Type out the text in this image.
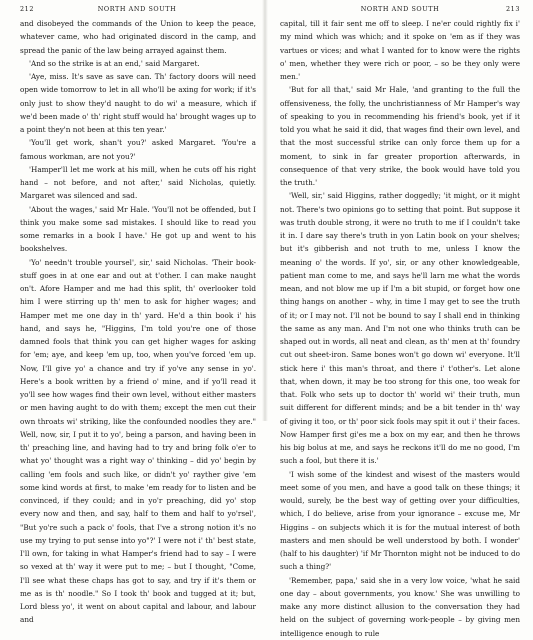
212	NORTH AND SOUTH

and disobeyed the commands of the Union to keep the peace, whatever came, who had originated discord in the camp, and spread the panic of the law being arrayed against them.

'And so the strike is at an end,' said Margaret.

'Aye, miss. It's save as save can. Th' factory doors will need open wide tomorrow to let in all who'll be axing for work; if it's only just to show they'd naught to do wi' a measure, which if we'd been made o' th' right stuff would ha' brought wages up to a point they'n not been at this ten year.'

'You'll get work, shan't you?' asked Margaret. 'You're a famous workman, are not you?'

'Hamper'll let me work at his mill, when he cuts off his right hand – not before, and not after,' said Nicholas, quietly. Margaret was silenced and sad.

'About the wages,' said Mr Hale. 'You'll not be offended, but I think you make some sad mistakes. I should like to read you some remarks in a book I have.' He got up and went to his bookshelves.

'Yo' needn't trouble yoursel', sir,' said Nicholas. 'Their book-stuff goes in at one ear and out at t'other. I can make naught on't. Afore Hamper and me had this split, th' overlooker told him I were stirring up th' men to ask for higher wages; and Hamper met me one day in th' yard. He'd a thin book i' his hand, and says he, "Higgins, I'm told you're one of those damned fools that think you can get higher wages for asking for 'em; aye, and keep 'em up, too, when you've forced 'em up. Now, I'll give yo' a chance and try if yo've any sense in yo'. Here's a book written by a friend o' mine, and if yo'll read it yo'll see how wages find their own level, without either masters or men having aught to do with them; except the men cut their own throats wi' striking, like the confounded noodles they are." Well, now, sir, I put it to yo', being a parson, and having been in th' preaching line, and having had to try and bring folk o'er to what yo' thought was a right way o' thinking – did yo' begin by calling 'em fools and such like, or didn't yo' rayther give 'em some kind words at first, to make 'em ready for to listen and be convinced, if they could; and in yo'r preaching, did yo' stop every now and then, and say, half to them and half to yo'rsel', "But yo're such a pack o' fools, that I've a strong notion it's no use my trying to put sense into yo"?' I were not i' th' best state, I'll own, for taking in what Hamper's friend had to say – I were so vexed at th' way it were put to me; – but I thought, "Come, I'll see what these chaps has got to say, and try if it's them or me as is th' noodle." So I took th' book and tugged at it; but, Lord bless yo', it went on about capital and labour, and labour and

NORTH AND SOUTH	213

capital, till it fair sent me off to sleep. I ne'er could rightly fix i' my mind which was which; and it spoke on 'em as if they was vartues or vices; and what I wanted for to know were the rights o' men, whether they were rich or poor, – so be they only were men.'

'But for all that,' said Mr Hale, 'and granting to the full the offensiveness, the folly, the unchristianness of Mr Hamper's way of speaking to you in recommending his friend's book, yet if it told you what he said it did, that wages find their own level, and that the most successful strike can only force them up for a moment, to sink in far greater proportion afterwards, in consequence of that very strike, the book would have told you the truth.'

'Well, sir,' said Higgins, rather doggedly; 'it might, or it might not. There's two opinions go to setting that point. But suppose it was truth double strong, it were no truth to me if I couldn't take it in. I dare say there's truth in yon Latin book on your shelves; but it's gibberish and not truth to me, unless I know the meaning o' the words. If yo', sir, or any other knowledgeable, patient man come to me, and says he'll larn me what the words mean, and not blow me up if I'm a bit stupid, or forget how one thing hangs on another – why, in time I may get to see the truth of it; or I may not. I'll not be bound to say I shall end in thinking the same as any man. And I'm not one who thinks truth can be shaped out in words, all neat and clean, as th' men at th' foundry cut out sheet-iron. Same bones won't go down wi' everyone. It'll stick here i' this man's throat, and there i' t'other's. Let alone that, when down, it may be too strong for this one, too weak for that. Folk who sets up to doctor th' world wi' their truth, mun suit different for different minds; and be a bit tender in th' way of giving it too, or th' poor sick fools may spit it out i' their faces. Now Hamper first gi'es me a box on my ear, and then he throws his big bolus at me, and says he reckons it'll do me no good, I'm such a fool, but there it is.'

'I wish some of the kindest and wisest of the masters would meet some of you men, and have a good talk on these things; it would, surely, be the best way of getting over your difficulties, which, I do believe, arise from your ignorance – excuse me, Mr Higgins – on subjects which it is for the mutual interest of both masters and men should be well understood by both. I wonder' (half to his daughter) 'if Mr Thornton might not be induced to do such a thing?'

'Remember, papa,' said she in a very low voice, 'what he said one day – about governments, you know.' She was unwilling to make any more distinct allusion to the conversation they had held on the subject of governing work-people – by giving men intelligence enough to rule
